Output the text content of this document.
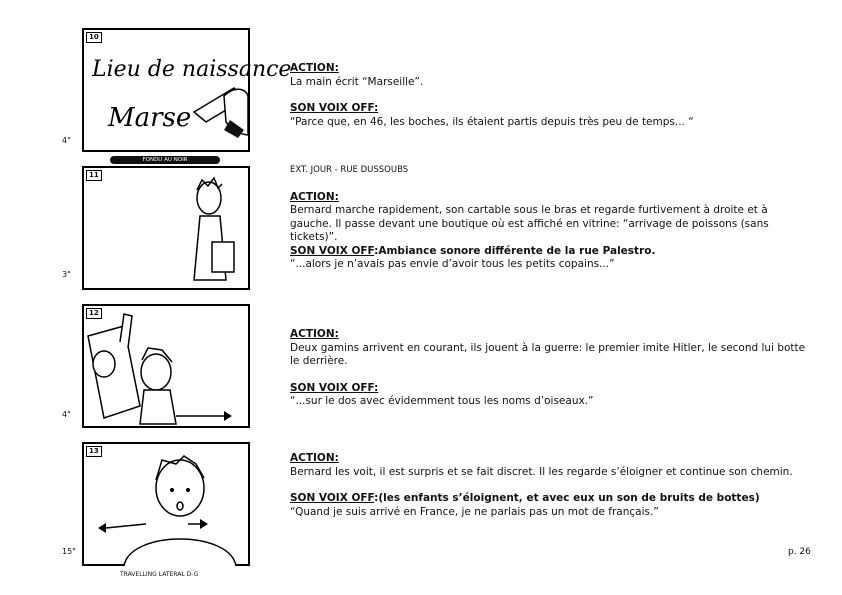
10
Lieu de naissance
Marse
4"
FONDU AU NOIR
11
3"
12
4"
13
15"
TRAVELLING LATERAL D-G

ACTION:

La main écrit “Marseille”.

SON VOIX OFF:

“Parce que, en 46, les boches, ils étaient partis depuis très peu de temps... “

EXT. JOUR - RUE DUSSOUBS

ACTION:

Bernard marche rapidement, son cartable sous le bras et regarde furtivement à droite et à gauche. Il passe devant une boutique où est affiché en vitrine: “arrivage de poissons (sans tickets)”.

SON VOIX OFF:Ambiance sonore différente de la rue Palestro.

“...alors je n’avais pas envie d’avoir tous les petits copains...”

ACTION:

Deux gamins arrivent en courant, ils jouent à la guerre: le premier imite Hitler, le second lui botte le derrière.

SON VOIX OFF:

“...sur le dos avec évidemment tous les noms d’oiseaux.”

ACTION:

Bernard les voit, il est surpris et se fait discret. Il les regarde s’éloigner et continue son chemin.

SON VOIX OFF:(les enfants s’éloignent, et avec eux un son de bruits de bottes)

“Quand je suis arrivé en France, je ne parlais pas un mot de français.”

p. 26
